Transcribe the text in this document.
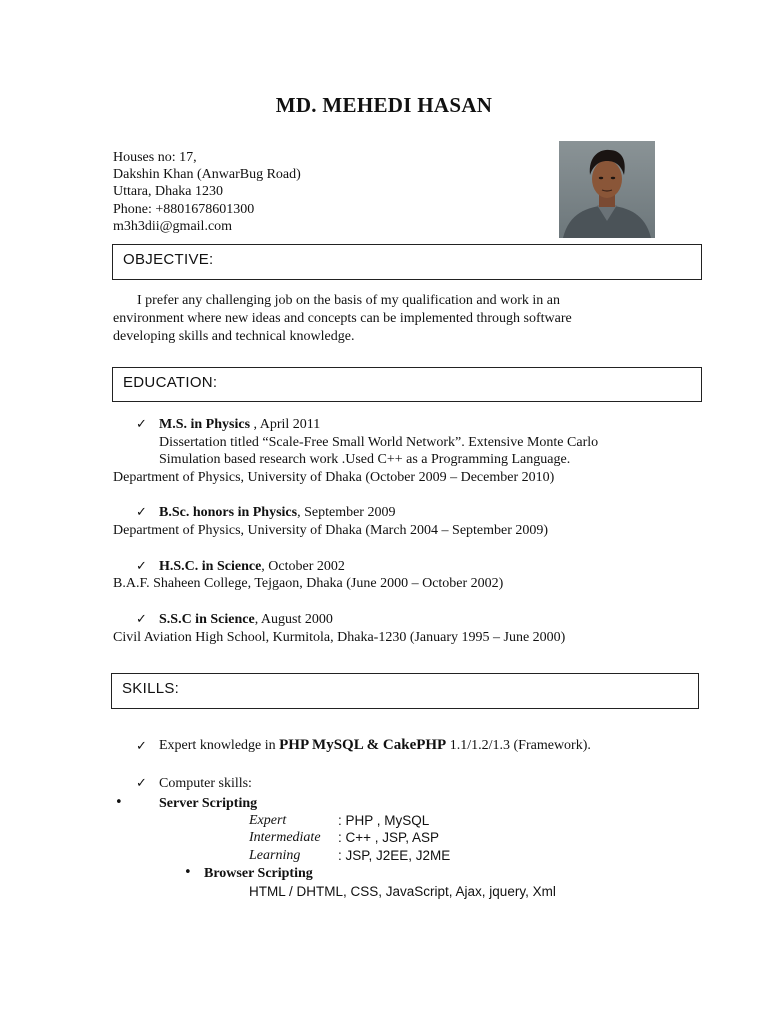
MD. MEHEDI HASAN
Houses no: 17,
Dakshin Khan (AnwarBug Road)
Uttara, Dhaka 1230
Phone: +8801678601300
m3h3dii@gmail.com
OBJECTIVE:
I prefer any challenging job on the basis of my qualification and work in an
environment where new ideas and concepts can be implemented through software
developing skills and technical knowledge.
EDUCATION:
✓ M.S. in Physics , April 2011
Dissertation titled “Scale-Free Small World Network”. Extensive Monte Carlo
Simulation based research work .Used C++ as a Programming Language.
Department of Physics, University of Dhaka (October 2009 – December 2010)
✓ B.Sc. honors in Physics, September 2009
Department of Physics, University of Dhaka (March 2004 – September 2009)
✓ H.S.C. in Science, October 2002
B.A.F. Shaheen College, Tejgaon, Dhaka (June 2000 – October 2002)
✓ S.S.C in Science, August 2000
Civil Aviation High School, Kurmitola, Dhaka-1230 (January 1995 – June 2000)
SKILLS:
✓ Expert knowledge in PHP MySQL & CakePHP 1.1/1.2/1.3 (Framework).
✓ Computer skills:
•	Server Scripting
Expert	: PHP , MySQL
Intermediate : C++ , JSP, ASP
Learning	: JSP, J2EE, J2ME
• Browser Scripting
HTML / DHTML, CSS, JavaScript, Ajax, jquery, Xml
